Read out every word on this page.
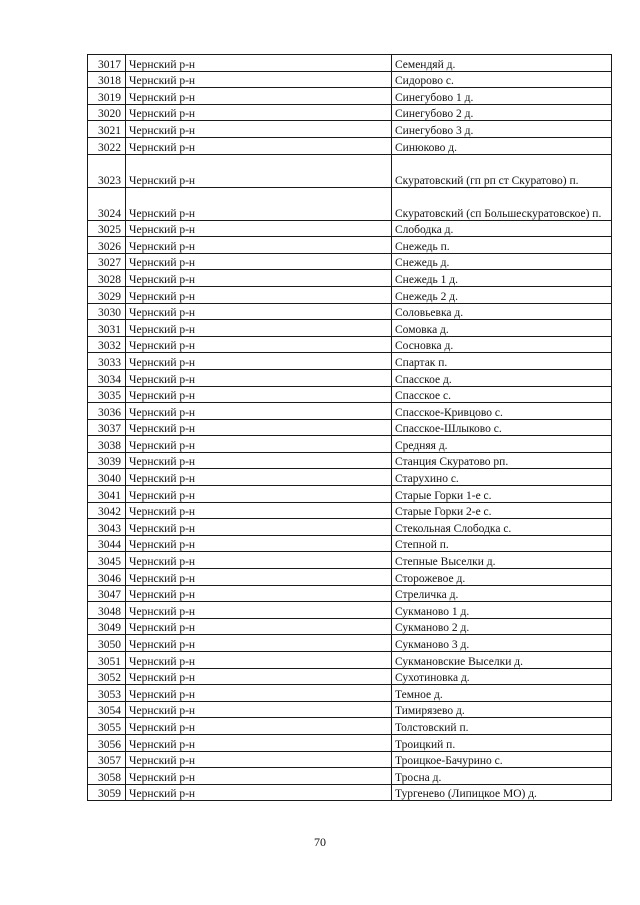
3017	Чернский р-н	Семендяй д.
3018	Чернский р-н	Сидорово с.
3019	Чернский р-н	Синегубово 1 д.
3020	Чернский р-н	Синегубово 2 д.
3021	Чернский р-н	Синегубово 3 д.
3022	Чернский р-н	Синюково д.
3023	Чернский р-н	Скуратовский (гп рп ст Скуратово) п.
3024	Чернский р-н	Скуратовский (сп Большескуратовское) п.
3025	Чернский р-н	Слободка д.
3026	Чернский р-н	Снежедь п.
3027	Чернский р-н	Снежедь д.
3028	Чернский р-н	Снежедь 1 д.
3029	Чернский р-н	Снежедь 2 д.
3030	Чернский р-н	Соловьевка д.
3031	Чернский р-н	Сомовка д.
3032	Чернский р-н	Сосновка д.
3033	Чернский р-н	Спартак п.
3034	Чернский р-н	Спасское д.
3035	Чернский р-н	Спасское с.
3036	Чернский р-н	Спасское-Кривцово с.
3037	Чернский р-н	Спасское-Шлыково с.
3038	Чернский р-н	Средняя д.
3039	Чернский р-н	Станция Скуратово рп.
3040	Чернский р-н	Старухино с.
3041	Чернский р-н	Старые Горки 1-е с.
3042	Чернский р-н	Старые Горки 2-е с.
3043	Чернский р-н	Стекольная Слободка с.
3044	Чернский р-н	Степной п.
3045	Чернский р-н	Степные Выселки д.
3046	Чернский р-н	Сторожевое д.
3047	Чернский р-н	Стреличка д.
3048	Чернский р-н	Сукманово 1 д.
3049	Чернский р-н	Сукманово 2 д.
3050	Чернский р-н	Сукманово 3 д.
3051	Чернский р-н	Сукмановские Выселки д.
3052	Чернский р-н	Сухотиновка д.
3053	Чернский р-н	Темное д.
3054	Чернский р-н	Тимирязево д.
3055	Чернский р-н	Толстовский п.
3056	Чернский р-н	Троицкий п.
3057	Чернский р-н	Троицкое-Бачурино с.
3058	Чернский р-н	Тросна д.
3059	Чернский р-н	Тургенево (Липицкое МО) д.
70
